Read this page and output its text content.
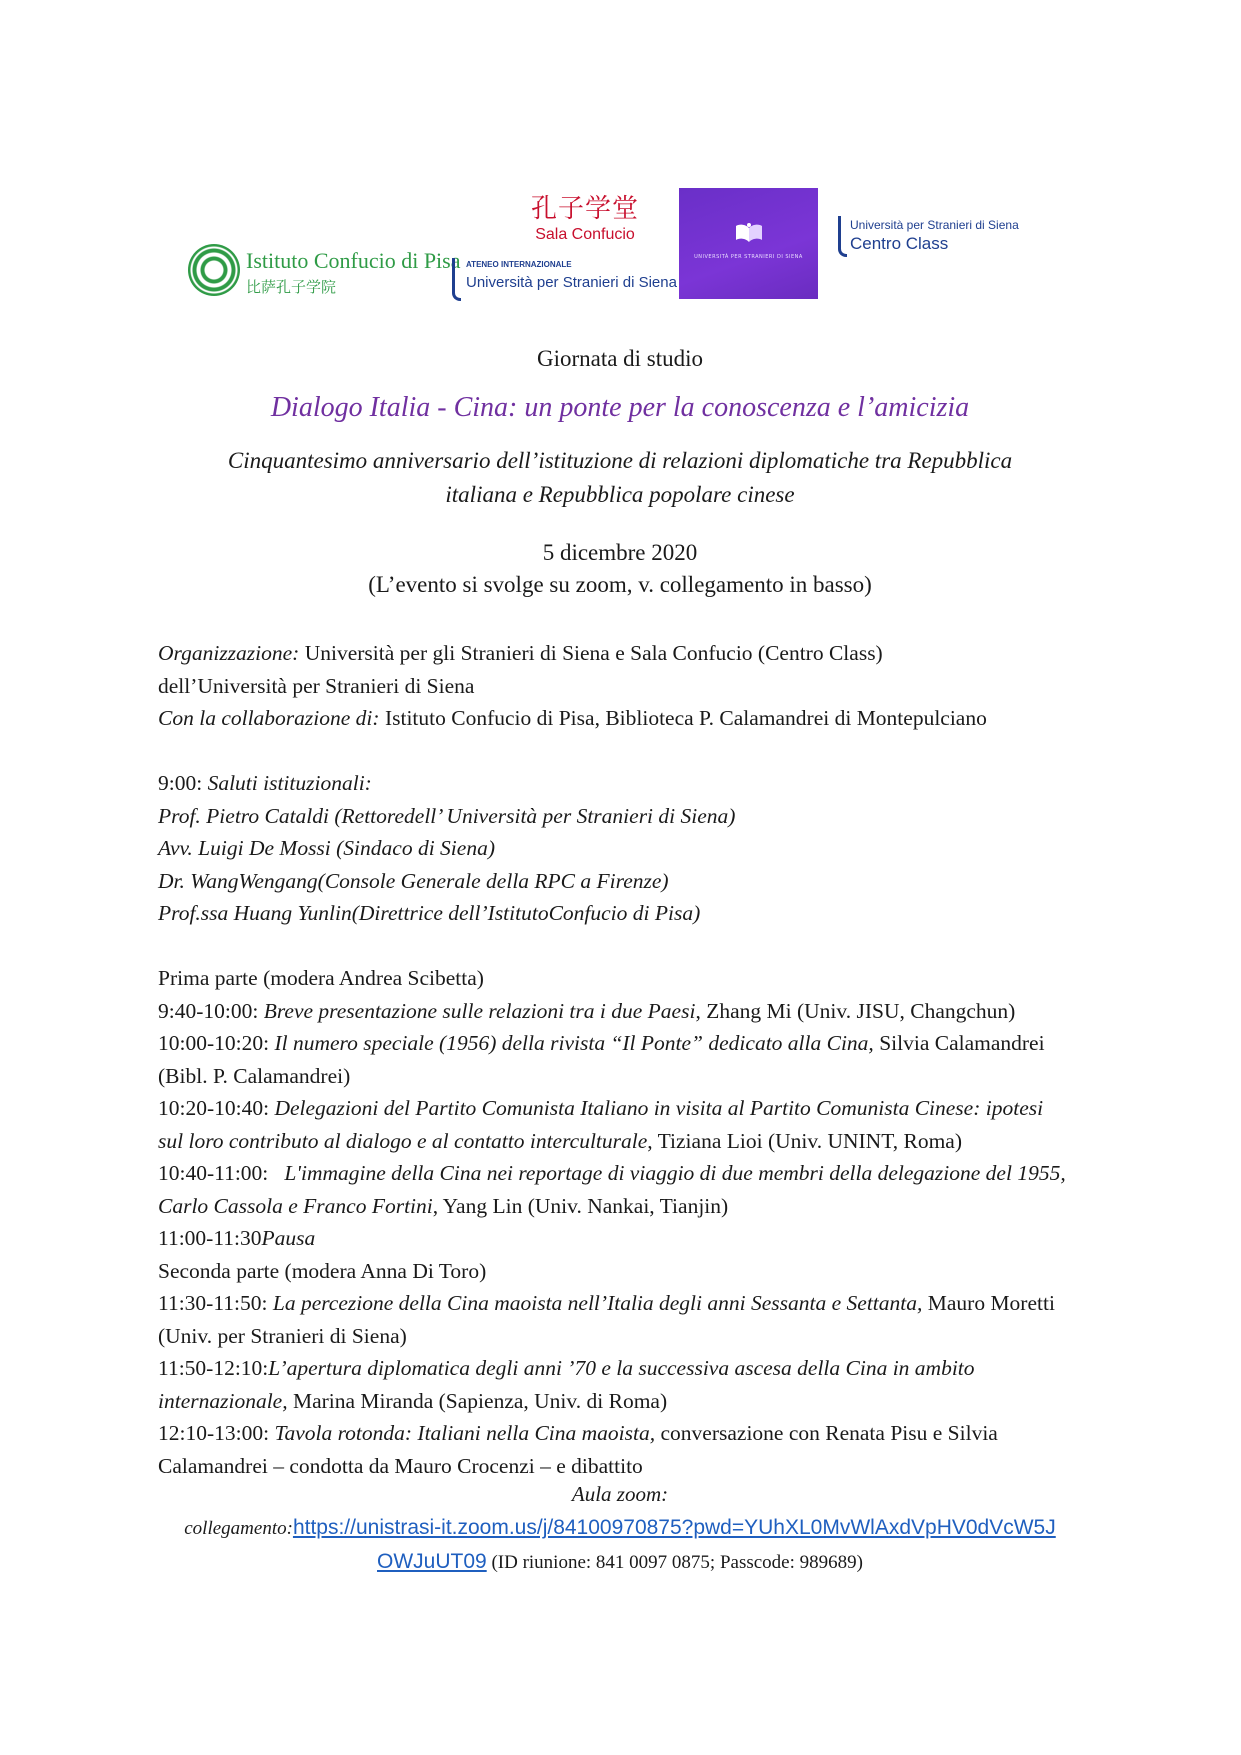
Istituto Confucio di Pisa
比萨孔子学院
孔子学堂
Sala Confucio
ATENEO INTERNAZIONALE
Università per Stranieri di Siena
UNIVERSITÀ PER STRANIERI DI SIENA
Università per Stranieri di Siena
Centro Class
Giornata di studio
Dialogo Italia - Cina: un ponte per la conoscenza e l’amicizia
Cinquantesimo anniversario dell’istituzione di relazioni diplomatiche tra Repubblica
italiana e Repubblica popolare cinese
5 dicembre 2020
(L’evento si svolge su zoom, v. collegamento in basso)
Organizzazione: Università per gli Stranieri di Siena e Sala Confucio (Centro Class)
dell’Università per Stranieri di Siena
Con la collaborazione di: Istituto Confucio di Pisa, Biblioteca P. Calamandrei di Montepulciano
9:00: Saluti istituzionali:
Prof. Pietro Cataldi (Rettoredell’ Università per Stranieri di Siena)
Avv. Luigi De Mossi (Sindaco di Siena)
Dr. WangWengang(Console Generale della RPC a Firenze)
Prof.ssa Huang Yunlin(Direttrice dell’IstitutoConfucio di Pisa)
Prima parte (modera Andrea Scibetta)
9:40-10:00: Breve presentazione sulle relazioni tra i due Paesi, Zhang Mi (Univ. JISU, Changchun)
10:00-10:20: Il numero speciale (1956) della rivista “Il Ponte” dedicato alla Cina, Silvia Calamandrei
(Bibl. P. Calamandrei)
10:20-10:40: Delegazioni del Partito Comunista Italiano in visita al Partito Comunista Cinese: ipotesi
sul loro contributo al dialogo e al contatto interculturale, Tiziana Lioi (Univ. UNINT, Roma)
10:40-11:00:   L'immagine della Cina nei reportage di viaggio di due membri della delegazione del 1955,
Carlo Cassola e Franco Fortini, Yang Lin (Univ. Nankai, Tianjin)
11:00-11:30Pausa
Seconda parte (modera Anna Di Toro)
11:30-11:50: La percezione della Cina maoista nell’Italia degli anni Sessanta e Settanta, Mauro Moretti
(Univ. per Stranieri di Siena)
11:50-12:10:L’apertura diplomatica degli anni ’70 e la successiva ascesa della Cina in ambito
internazionale, Marina Miranda (Sapienza, Univ. di Roma)
12:10-13:00: Tavola rotonda: Italiani nella Cina maoista, conversazione con Renata Pisu e Silvia
Calamandrei – condotta da Mauro Crocenzi – e dibattito
Aula zoom:
collegamento:https://unistrasi-it.zoom.us/j/84100970875?pwd=YUhXL0MvWlAxdVpHV0dVcW5J
OWJuUT09 (ID riunione: 841 0097 0875; Passcode: 989689)
